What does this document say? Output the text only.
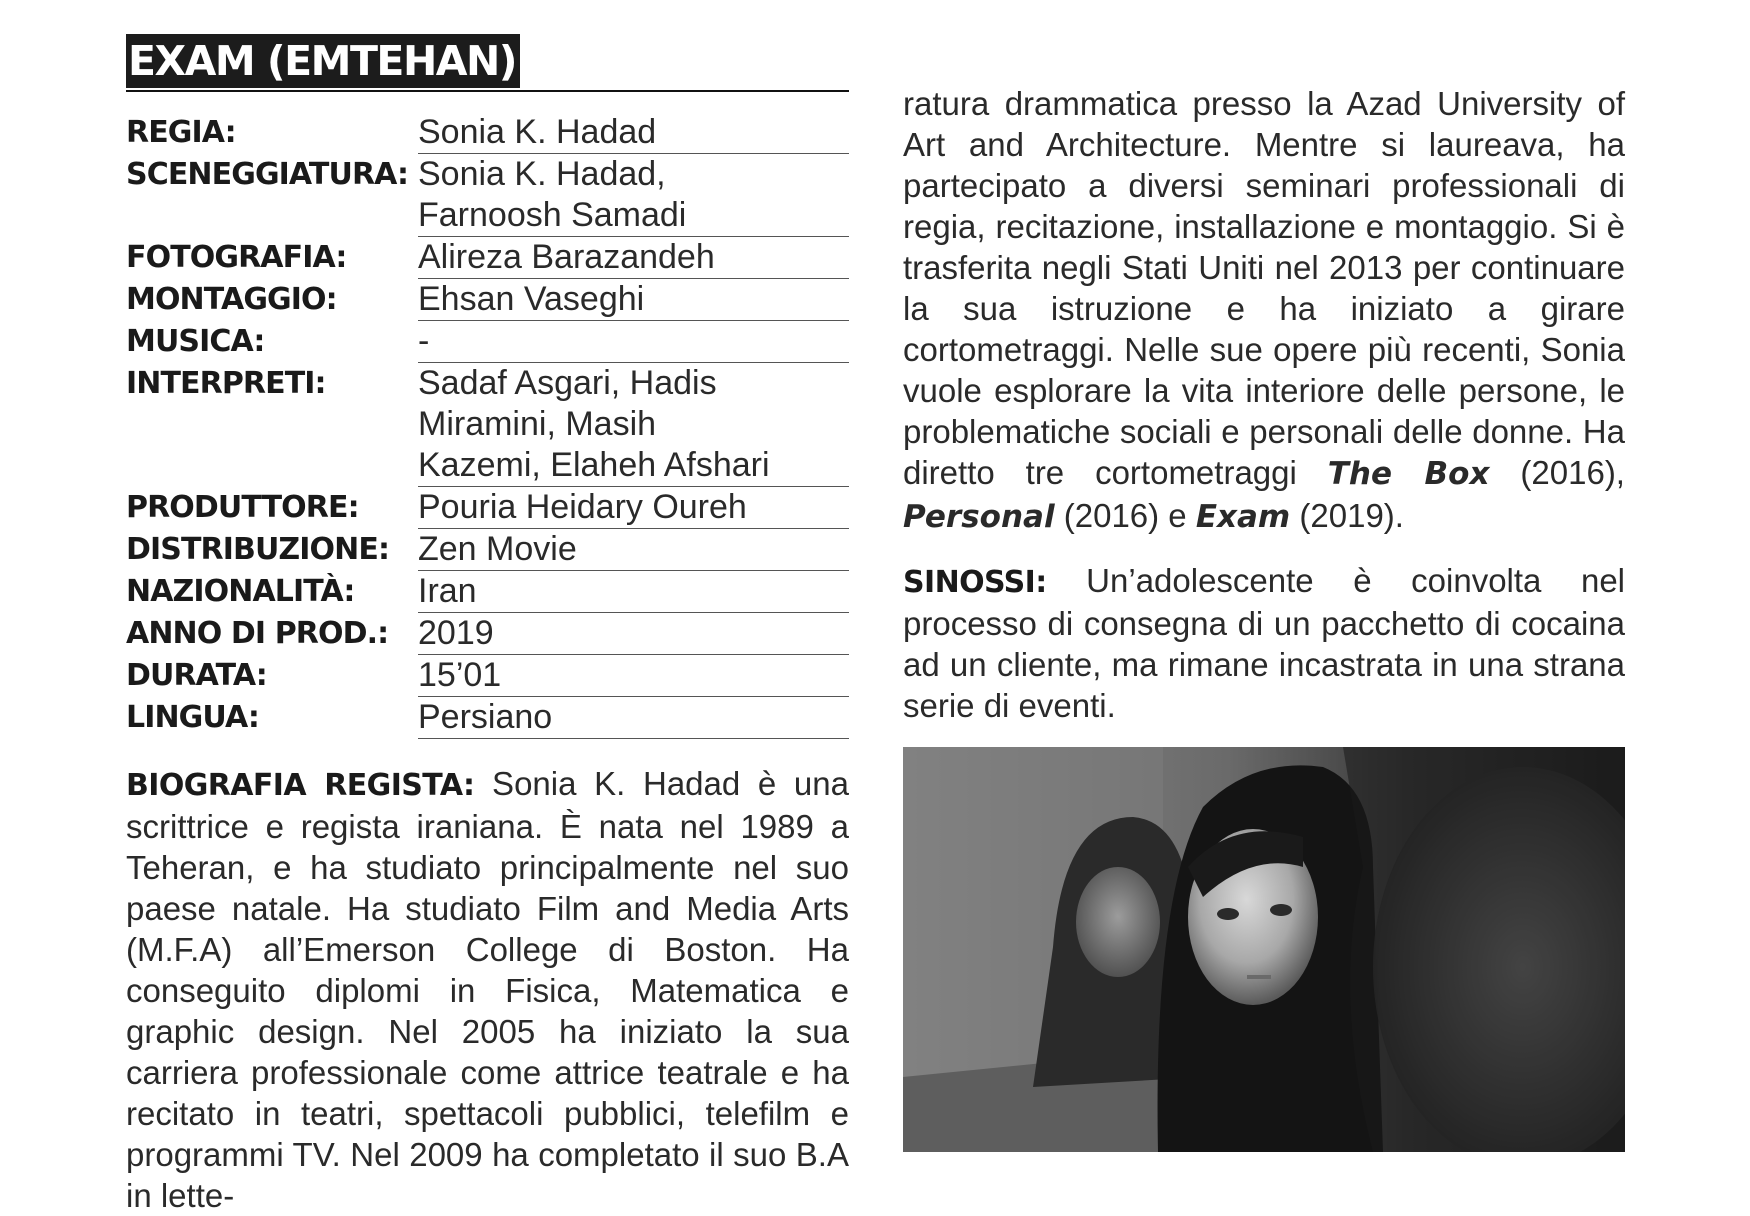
EXAM (EMTEHAN)
REGIA:	Sonia K. Hadad
SCENEGGIATURA: Sonia K. Hadad,
Farnoosh Samadi
FOTOGRAFIA:	Alireza Barazandeh
MONTAGGIO:	Ehsan Vaseghi
MUSICA:	-
INTERPRETI:	Sadaf Asgari, Hadis
Miramini, Masih
Kazemi, Elaheh Afshari
PRODUTTORE:	Pouria Heidary Oureh
DISTRIBUZIONE: Zen Movie
NAZIONALITÀ:	Iran
ANNO DI PROD.: 2019
DURATA:	15’01
LINGUA:	Persiano

BIOGRAFIA REGISTA: Sonia K. Hadad è una scrittrice e regista iraniana. È nata nel 1989 a Teheran, e ha studiato principalmente nel suo paese natale. Ha studiato Film and Media Arts (M.F.A) all’Emerson College di Boston. Ha conseguito diplomi in Fisica, Matematica e graphic design. Nel 2005 ha iniziato la sua carriera professionale come attrice teatrale e ha recitato in teatri, spettacoli pubblici, telefilm e programmi TV. Nel 2009 ha completato il suo B.A in lette-

ratura drammatica presso la Azad University of Art and Architecture. Mentre si laureava, ha partecipato a diversi seminari professionali di regia, recitazione, installazione e montaggio. Si è trasferita negli Stati Uniti nel 2013 per continuare la sua istruzione e ha iniziato a girare cortometraggi. Nelle sue opere più recenti, Sonia vuole esplorare la vita interiore delle persone, le problematiche sociali e personali delle donne. Ha diretto tre cortometraggi The Box (2016), Personal (2016) e Exam (2019).

SINOSSI: Un’adolescente è coinvolta nel processo di consegna di un pacchetto di cocaina ad un cliente, ma rimane incastrata in una strana serie di eventi.
